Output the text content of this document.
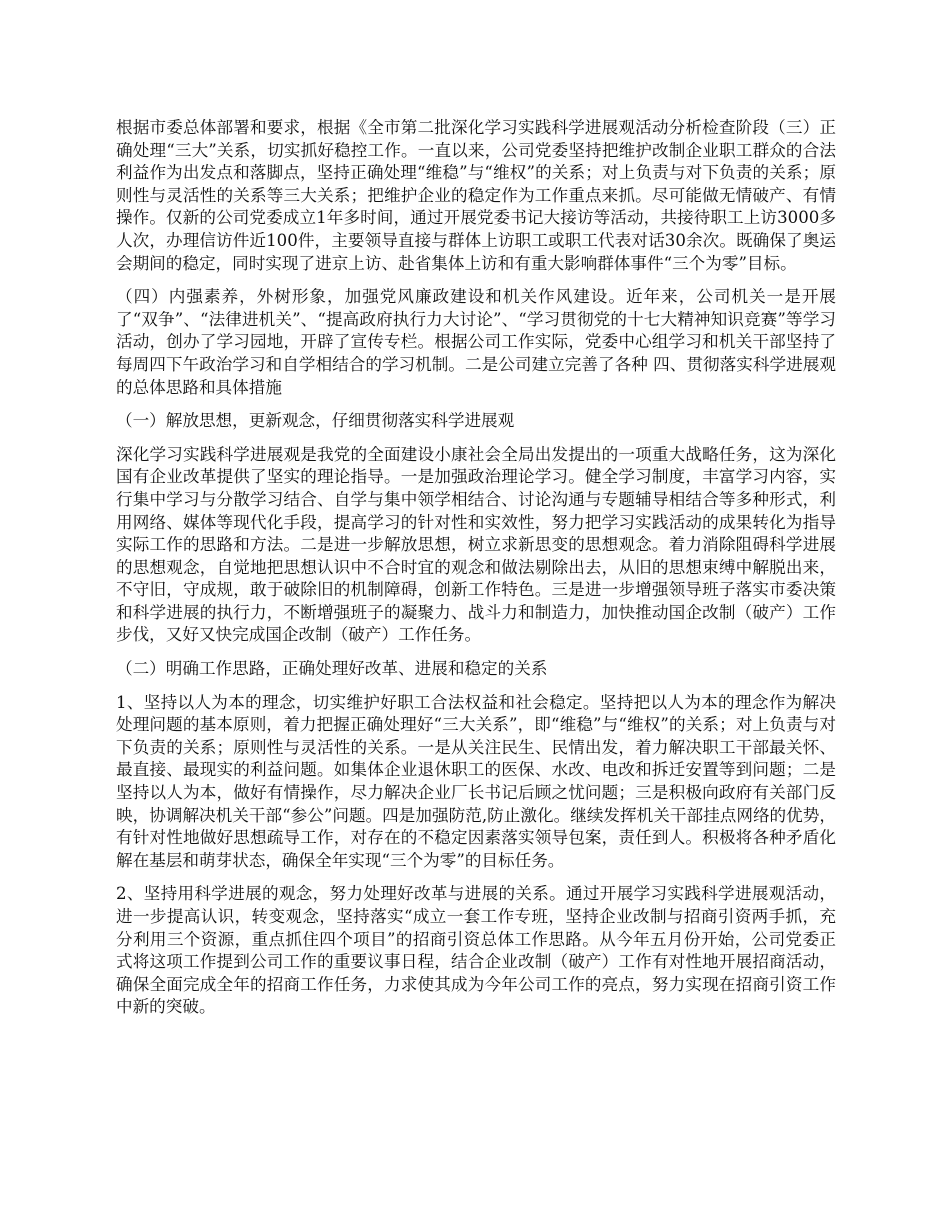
根据市委总体部署和要求，根据《全市第二批深化学习实践科学进展观活动分析检查阶段（三）正确处理“三大”关系，切实抓好稳控工作。一直以来，公司党委坚持把维护改制企业职工群众的合法利益作为出发点和落脚点，坚持正确处理“维稳”与“维权”的关系；对上负责与对下负责的关系；原则性与灵活性的关系等三大关系；把维护企业的稳定作为工作重点来抓。尽可能做无情破产、有情操作。仅新的公司党委成立1年多时间，通过开展党委书记大接访等活动，共接待职工上访3000多人次，办理信访件近100件，主要领导直接与群体上访职工或职工代表对话30余次。既确保了奥运会期间的稳定，同时实现了进京上访、赴省集体上访和有重大影响群体事件“三个为零”目标。

（四）内强素养，外树形象，加强党风廉政建设和机关作风建设。近年来，公司机关一是开展了“双争”、“法律进机关”、“提高政府执行力大讨论”、“学习贯彻党的十七大精神知识竞赛”等学习活动，创办了学习园地，开辟了宣传专栏。根据公司工作实际，党委中心组学习和机关干部坚持了每周四下午政治学习和自学相结合的学习机制。二是公司建立完善了各种 四、贯彻落实科学进展观的总体思路和具体措施

（一）解放思想，更新观念，仔细贯彻落实科学进展观

深化学习实践科学进展观是我党的全面建设小康社会全局出发提出的一项重大战略任务，这为深化国有企业改革提供了坚实的理论指导。一是加强政治理论学习。健全学习制度，丰富学习内容，实行集中学习与分散学习结合、自学与集中领学相结合、讨论沟通与专题辅导相结合等多种形式，利用网络、媒体等现代化手段，提高学习的针对性和实效性，努力把学习实践活动的成果转化为指导实际工作的思路和方法。二是进一步解放思想，树立求新思变的思想观念。着力消除阻碍科学进展的思想观念，自觉地把思想认识中不合时宜的观念和做法剔除出去，从旧的思想束缚中解脱出来，不守旧，守成规，敢于破除旧的机制障碍，创新工作特色。三是进一步增强领导班子落实市委决策和科学进展的执行力，不断增强班子的凝聚力、战斗力和制造力，加快推动国企改制（破产）工作步伐，又好又快完成国企改制（破产）工作任务。

（二）明确工作思路，正确处理好改革、进展和稳定的关系

1、坚持以人为本的理念，切实维护好职工合法权益和社会稳定。坚持把以人为本的理念作为解决处理问题的基本原则，着力把握正确处理好“三大关系”，即“维稳”与“维权”的关系；对上负责与对下负责的关系；原则性与灵活性的关系。一是从关注民生、民情出发，着力解决职工干部最关怀、最直接、最现实的利益问题。如集体企业退休职工的医保、水改、电改和拆迁安置等到问题；二是坚持以人为本，做好有情操作，尽力解决企业厂长书记后顾之忧问题；三是积极向政府有关部门反映，协调解决机关干部“参公”问题。四是加强防范,防止激化。继续发挥机关干部挂点网络的优势，有针对性地做好思想疏导工作，对存在的不稳定因素落实领导包案，责任到人。积极将各种矛盾化解在基层和萌芽状态，确保全年实现“三个为零”的目标任务。

2、坚持用科学进展的观念，努力处理好改革与进展的关系。通过开展学习实践科学进展观活动，进一步提高认识，转变观念，坚持落实“成立一套工作专班，坚持企业改制与招商引资两手抓，充分利用三个资源，重点抓住四个项目”的招商引资总体工作思路。从今年五月份开始，公司党委正式将这项工作提到公司工作的重要议事日程，结合企业改制（破产）工作有对性地开展招商活动，确保全面完成全年的招商工作任务，力求使其成为今年公司工作的亮点，努力实现在招商引资工作中新的突破。
